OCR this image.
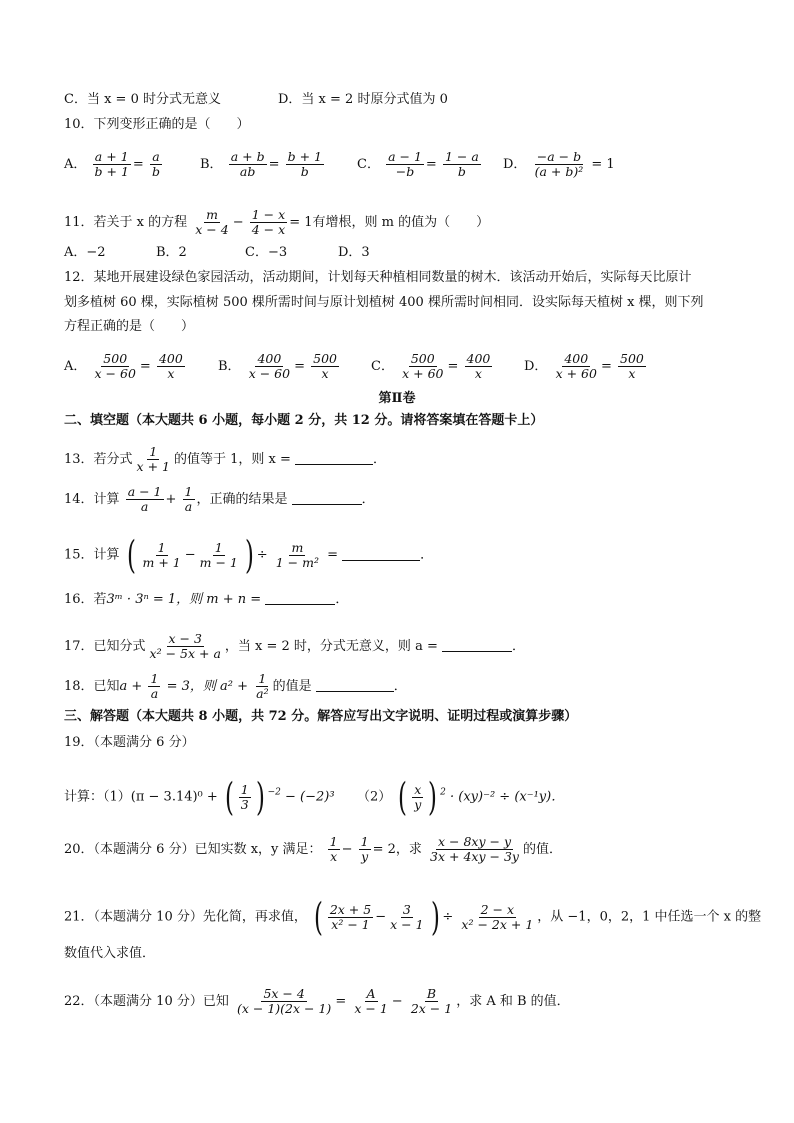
C．当 x = 0 时分式无意义	D．当 x = 2 时原分式值为 0
10．下列变形正确的是（　　）
A． $\frac{a + 1}{b + 1} = \frac{a}{b}$	B． $\frac{a + b}{ab} = \frac{b + 1}{b}$	C． $\frac{a - 1}{-b} = \frac{1 - a}{b}$ D． $\frac{-a - b}{\text{(a + b)²}} = 1$
11．若关于 x 的方程 $\frac{m}{x - 4} - \frac{1 - x}{4 - x} = 1$有增根，则 m 的值为（　　）
A．−2	B．2	C．−3	D．3
12．某地开展建设绿色家园活动，活动期间，计划每天种植相同数量的树木．该活动开始后，实际每天比原计
划多植树 60 棵，实际植树 500 棵所需时间与原计划植树 400 棵所需时间相同．设实际每天植树 x 棵，则下列
方程正确的是（　　）
A． $\frac{500}{x - 60} = \frac{400}{x}$	B． $\frac{400}{x - 60} = \frac{500}{x}$ C． $\frac{500}{x + 60} = \frac{400}{x}$ D． $\frac{400}{x + 60} = \frac{500}{x}$
第Ⅱ卷
二、填空题（本大题共 6 小题，每小题 2 分，共 12 分。请将答案填在答题卡上）
13．若分式 $\frac{1}{x + 1}$ 的值等于 1，则 x =	．
14．计算 $\frac{a - 1}{a} + \frac{1}{a}$ ，正确的结果是	．
15．计算 ( $\frac{1}{m + 1} - \frac{1}{m - 1}$ ) ÷ $\frac{m}{\text{1 − m²}}$ =	．
16．若3ᵐ · 3ⁿ = 1，则 m + n =	．
17．已知分式 $\frac{x - 3}{\text{x² − 5x + a}}$ ，当 x = 2 时，分式无意义，则 a =	．
18．已知$a + \frac{1}{a} = 3$，则 $a^2 + \frac{1}{\text{a²}}$ 的值是	．
三、解答题（本大题共 8 小题，共 72 分。解答应写出文字说明、证明过程或演算步骤）
19．（本题满分 6 分）
计算：（1）(π − 3.14)⁰ + ( $\frac{1}{3}$ ) $^{-2}$ − (−2)³ （2） ( $\frac{x}{y}$ ) $^2$ · (xy)⁻² ÷ (x⁻¹y)．
20．（本题满分 6 分）已知实数 x，y 满足： $\frac{1}{x} - \frac{1}{y} = 2$，求 $\frac{x - 8xy - y}{3x + 4xy - 3y}$ 的值．
21．（本题满分 10 分）先化简，再求值， ( $\frac{2x + 5}{\text{x² − 1}} - \frac{3}{x - 1}$ ) ÷ $\frac{2 - x}{\text{x² − 2x + 1}}$ ，从 −1，0，2，1 中任选一个 x 的整
数值代入求值．
22．（本题满分 10 分）已知 $\frac{5x - 4}{(x - 1)(2x - 1)} = \frac{A}{x - 1} - \frac{B}{2x - 1}$ ，求 A 和 B 的值．
